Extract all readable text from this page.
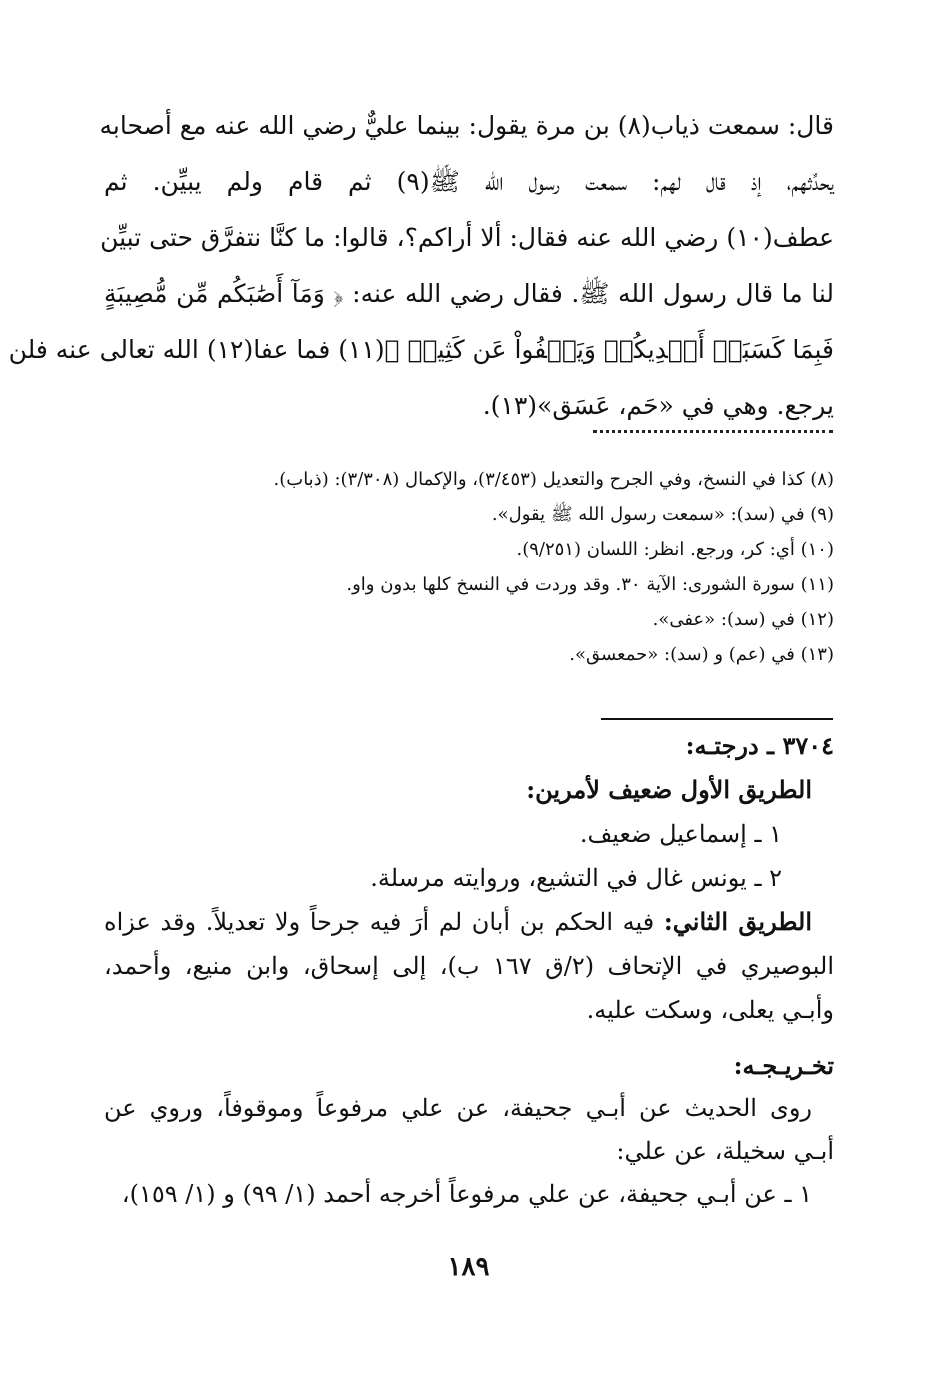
قال: سمعت ذياب(٨) بن مرة يقول: بينما عليٌّ رضي الله عنه مع أصحابه
يحدِّثهم، إذ قال لهم: سمعت رسول الله ﷺ(٩) ثم قام ولم يبيِّن. ثم
عطف(١٠) رضي الله عنه فقال: ألا أراكم؟، قالوا: ما كنَّا نتفرَّق حتى تبيِّن
لنا ما قال رسول الله ﷺ. فقال رضي الله عنه: ﴿ وَمَآ أَصَٰبَكُم مِّن مُّصِيبَةٍ
فَبِمَا كَسَبَتۡ أَيۡدِيكُمۡ وَيَعۡفُواْ عَن كَثِيرٖ ﴾(١١) فما عفا(١٢) الله تعالى عنه فلن
يرجع. وهي في «حَم، عَسَق»(١٣).
(٨) كذا في النسخ، وفي الجرح والتعديل (٣/٤٥٣)، والإكمال (٣/٣٠٨): (ذباب).
(٩) في (سد): «سمعت رسول الله ﷺ يقول».
(١٠) أي: كر، ورجع. انظر: اللسان (٩/٢٥١).
(١١) سورة الشورى: الآية ٣٠. وقد وردت في النسخ كلها بدون واو.
(١٢) في (سد): «عفى».
(١٣) في (عم) و (سد): «حمعسق».
٣٧٠٤ ـ درجتـه:
الطريق الأول ضعيف لأمرين:
١ ـ إسماعيل ضعيف.
٢ ـ يونس غال في التشيع، وروايته مرسلة.
الطريق الثاني: فيه الحكم بن أبان لم أرَ فيه جرحاً ولا تعديلاً. وقد عزاه
البوصيري في الإتحاف (٢/ق ١٦٧ ب)، إلى إسحاق، وابن منيع، وأحمد،
وأبـي يعلى، وسكت عليه.
تخـريـجـه:
روى الحديث عن أبـي جحيفة، عن علي مرفوعاً وموقوفاً، وروي عن
أبـي سخيلة، عن علي:
١ ـ عن أبـي جحيفة، عن علي مرفوعاً أخرجه أحمد (١/ ٩٩) و (١/ ١٥٩)،
١٨٩
